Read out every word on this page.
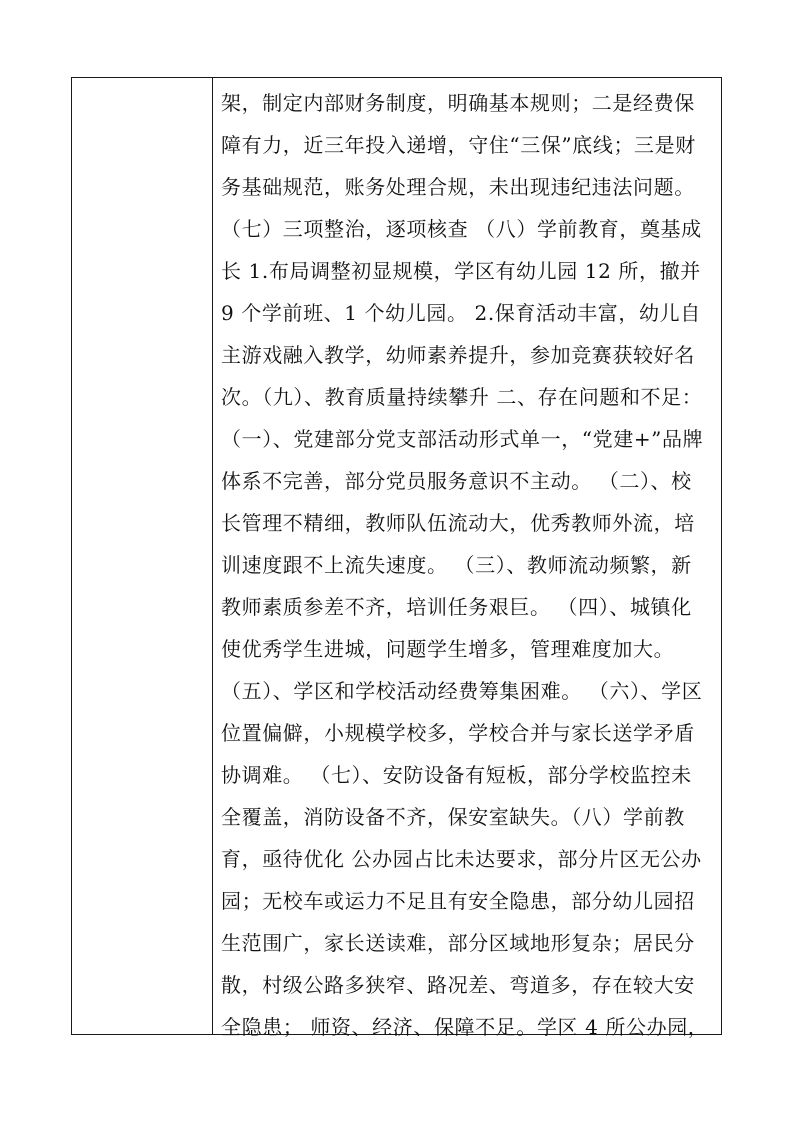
架，制定内部财务制度，明确基本规则；二是经费保
障有力，近三年投入递增，守住“三保”底线；三是财
务基础规范，账务处理合规，未出现违纪违法问题。
（七）三项整治，逐项核查 （八）学前教育，奠基成
长 1.布局调整初显规模，学区有幼儿园 12 所，撤并
9 个学前班、1 个幼儿园。 2.保育活动丰富，幼儿自
主游戏融入教学，幼师素养提升，参加竞赛获较好名
次。（九）、教育质量持续攀升 二、存在问题和不足：
（一）、党建部分党支部活动形式单一，“党建+”品牌
体系不完善，部分党员服务意识不主动。 （二）、校
长管理不精细，教师队伍流动大，优秀教师外流，培
训速度跟不上流失速度。 （三）、教师流动频繁，新
教师素质参差不齐，培训任务艰巨。 （四）、城镇化
使优秀学生进城，问题学生增多，管理难度加大。
（五）、学区和学校活动经费筹集困难。 （六）、学区
位置偏僻，小规模学校多，学校合并与家长送学矛盾
协调难。 （七）、安防设备有短板，部分学校监控未
全覆盖，消防设备不齐，保安室缺失。（八）学前教
育，亟待优化 公办园占比未达要求，部分片区无公办
园；无校车或运力不足且有安全隐患，部分幼儿园招
生范围广，家长送读难，部分区域地形复杂；居民分
散，村级公路多狭窄、路况差、弯道多，存在较大安
全隐患； 师资、经济、保障不足。学区 4 所公办园，
